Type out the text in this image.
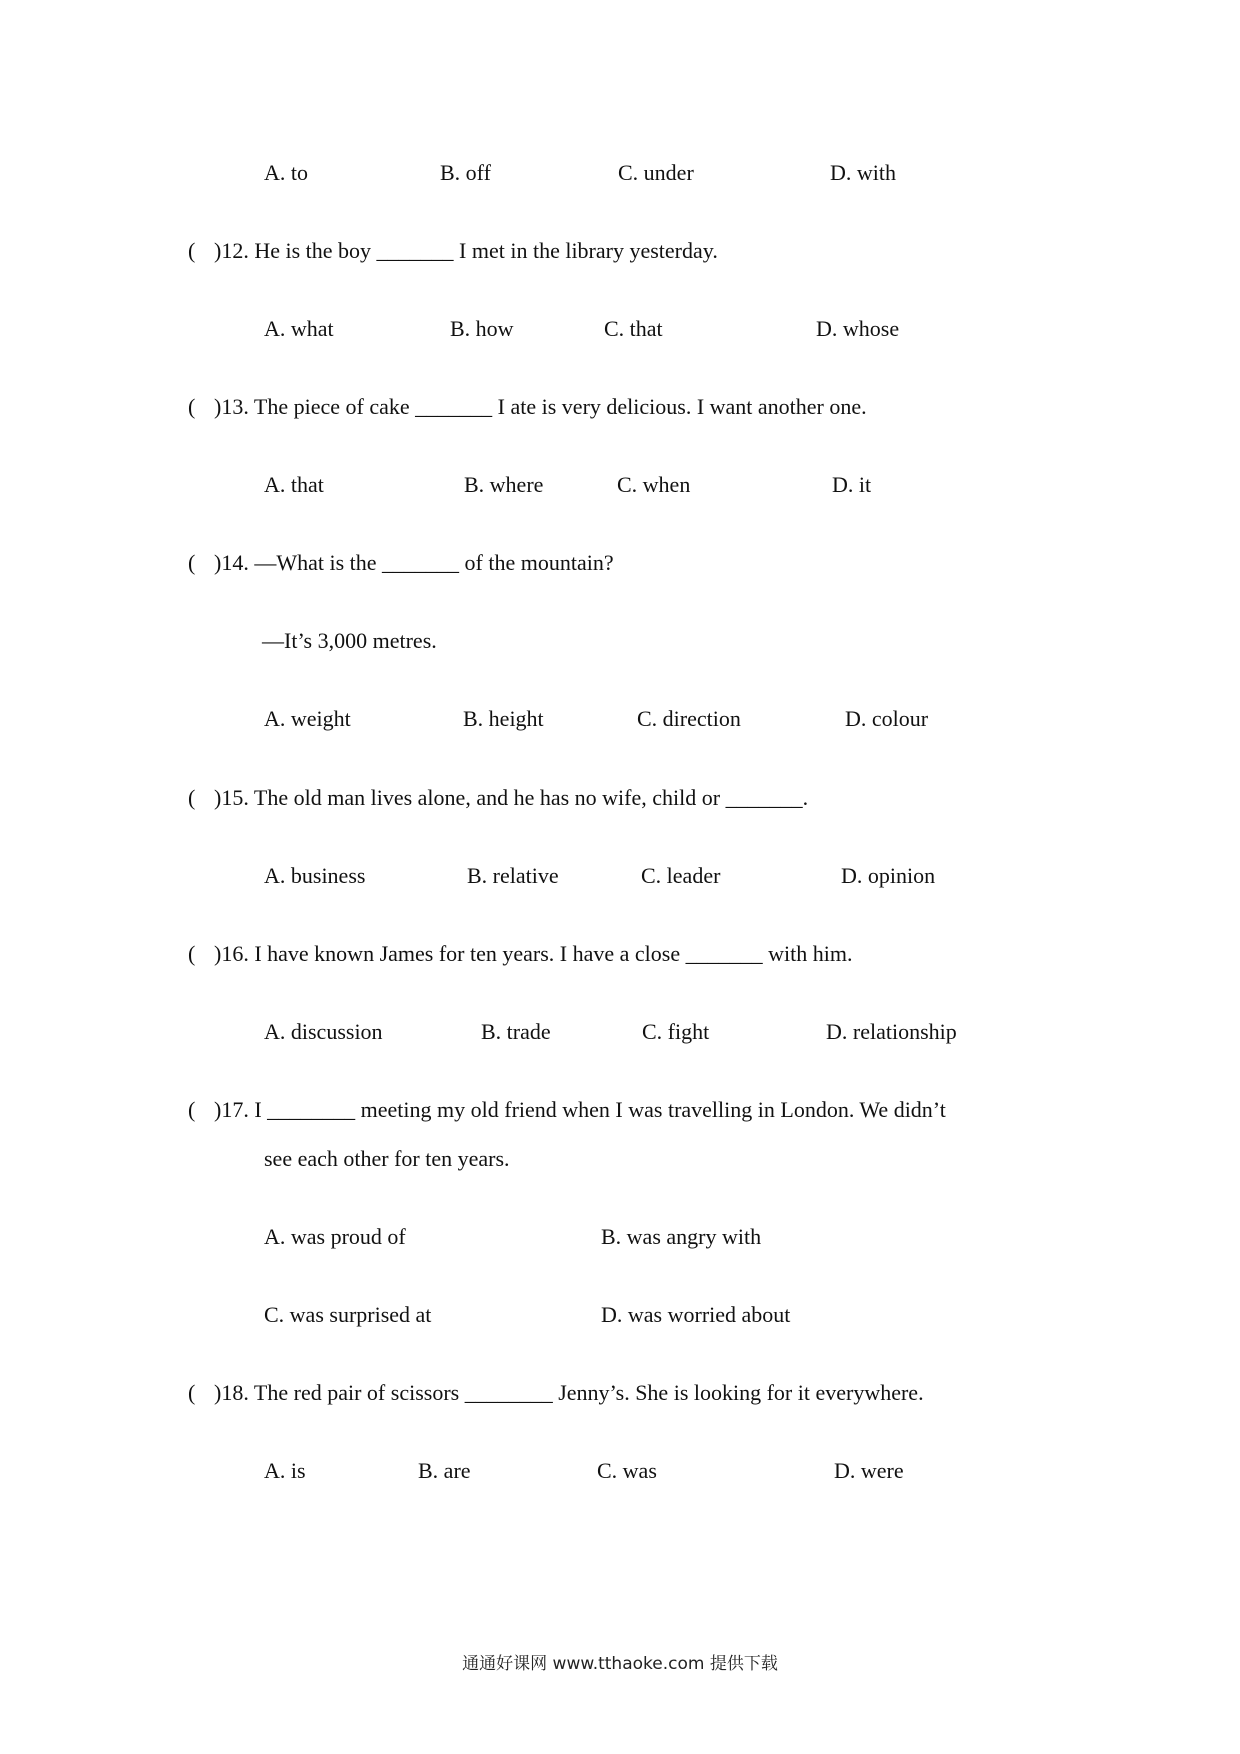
A. to	B. off	C. under	D. with
( )12. He is the boy _______ I met in the library yesterday.
A. what	B. how	C. that	D. whose
( )13. The piece of cake _______ I ate is very delicious. I want another one.
A. that	B. where	C. when	D. it
( )14. —What is the _______ of the mountain?
—It’s 3,000 metres.
A. weight	B. height	C. direction	D. colour
( )15. The old man lives alone, and he has no wife, child or _______.
A. business	B. relative	C. leader	D. opinion
( )16. I have known James for ten years. I have a close _______ with him.
A. discussion	B. trade	C. fight	D. relationship
( )17. I ________ meeting my old friend when I was travelling in London. We didn’t
see each other for ten years.
A. was proud of	B. was angry with
C. was surprised at	D. was worried about
( )18. The red pair of scissors ________ Jenny’s. She is looking for it everywhere.
A. is	B. are	C. was	D. were
通通好课网 www.tthaoke.com 提供下载
